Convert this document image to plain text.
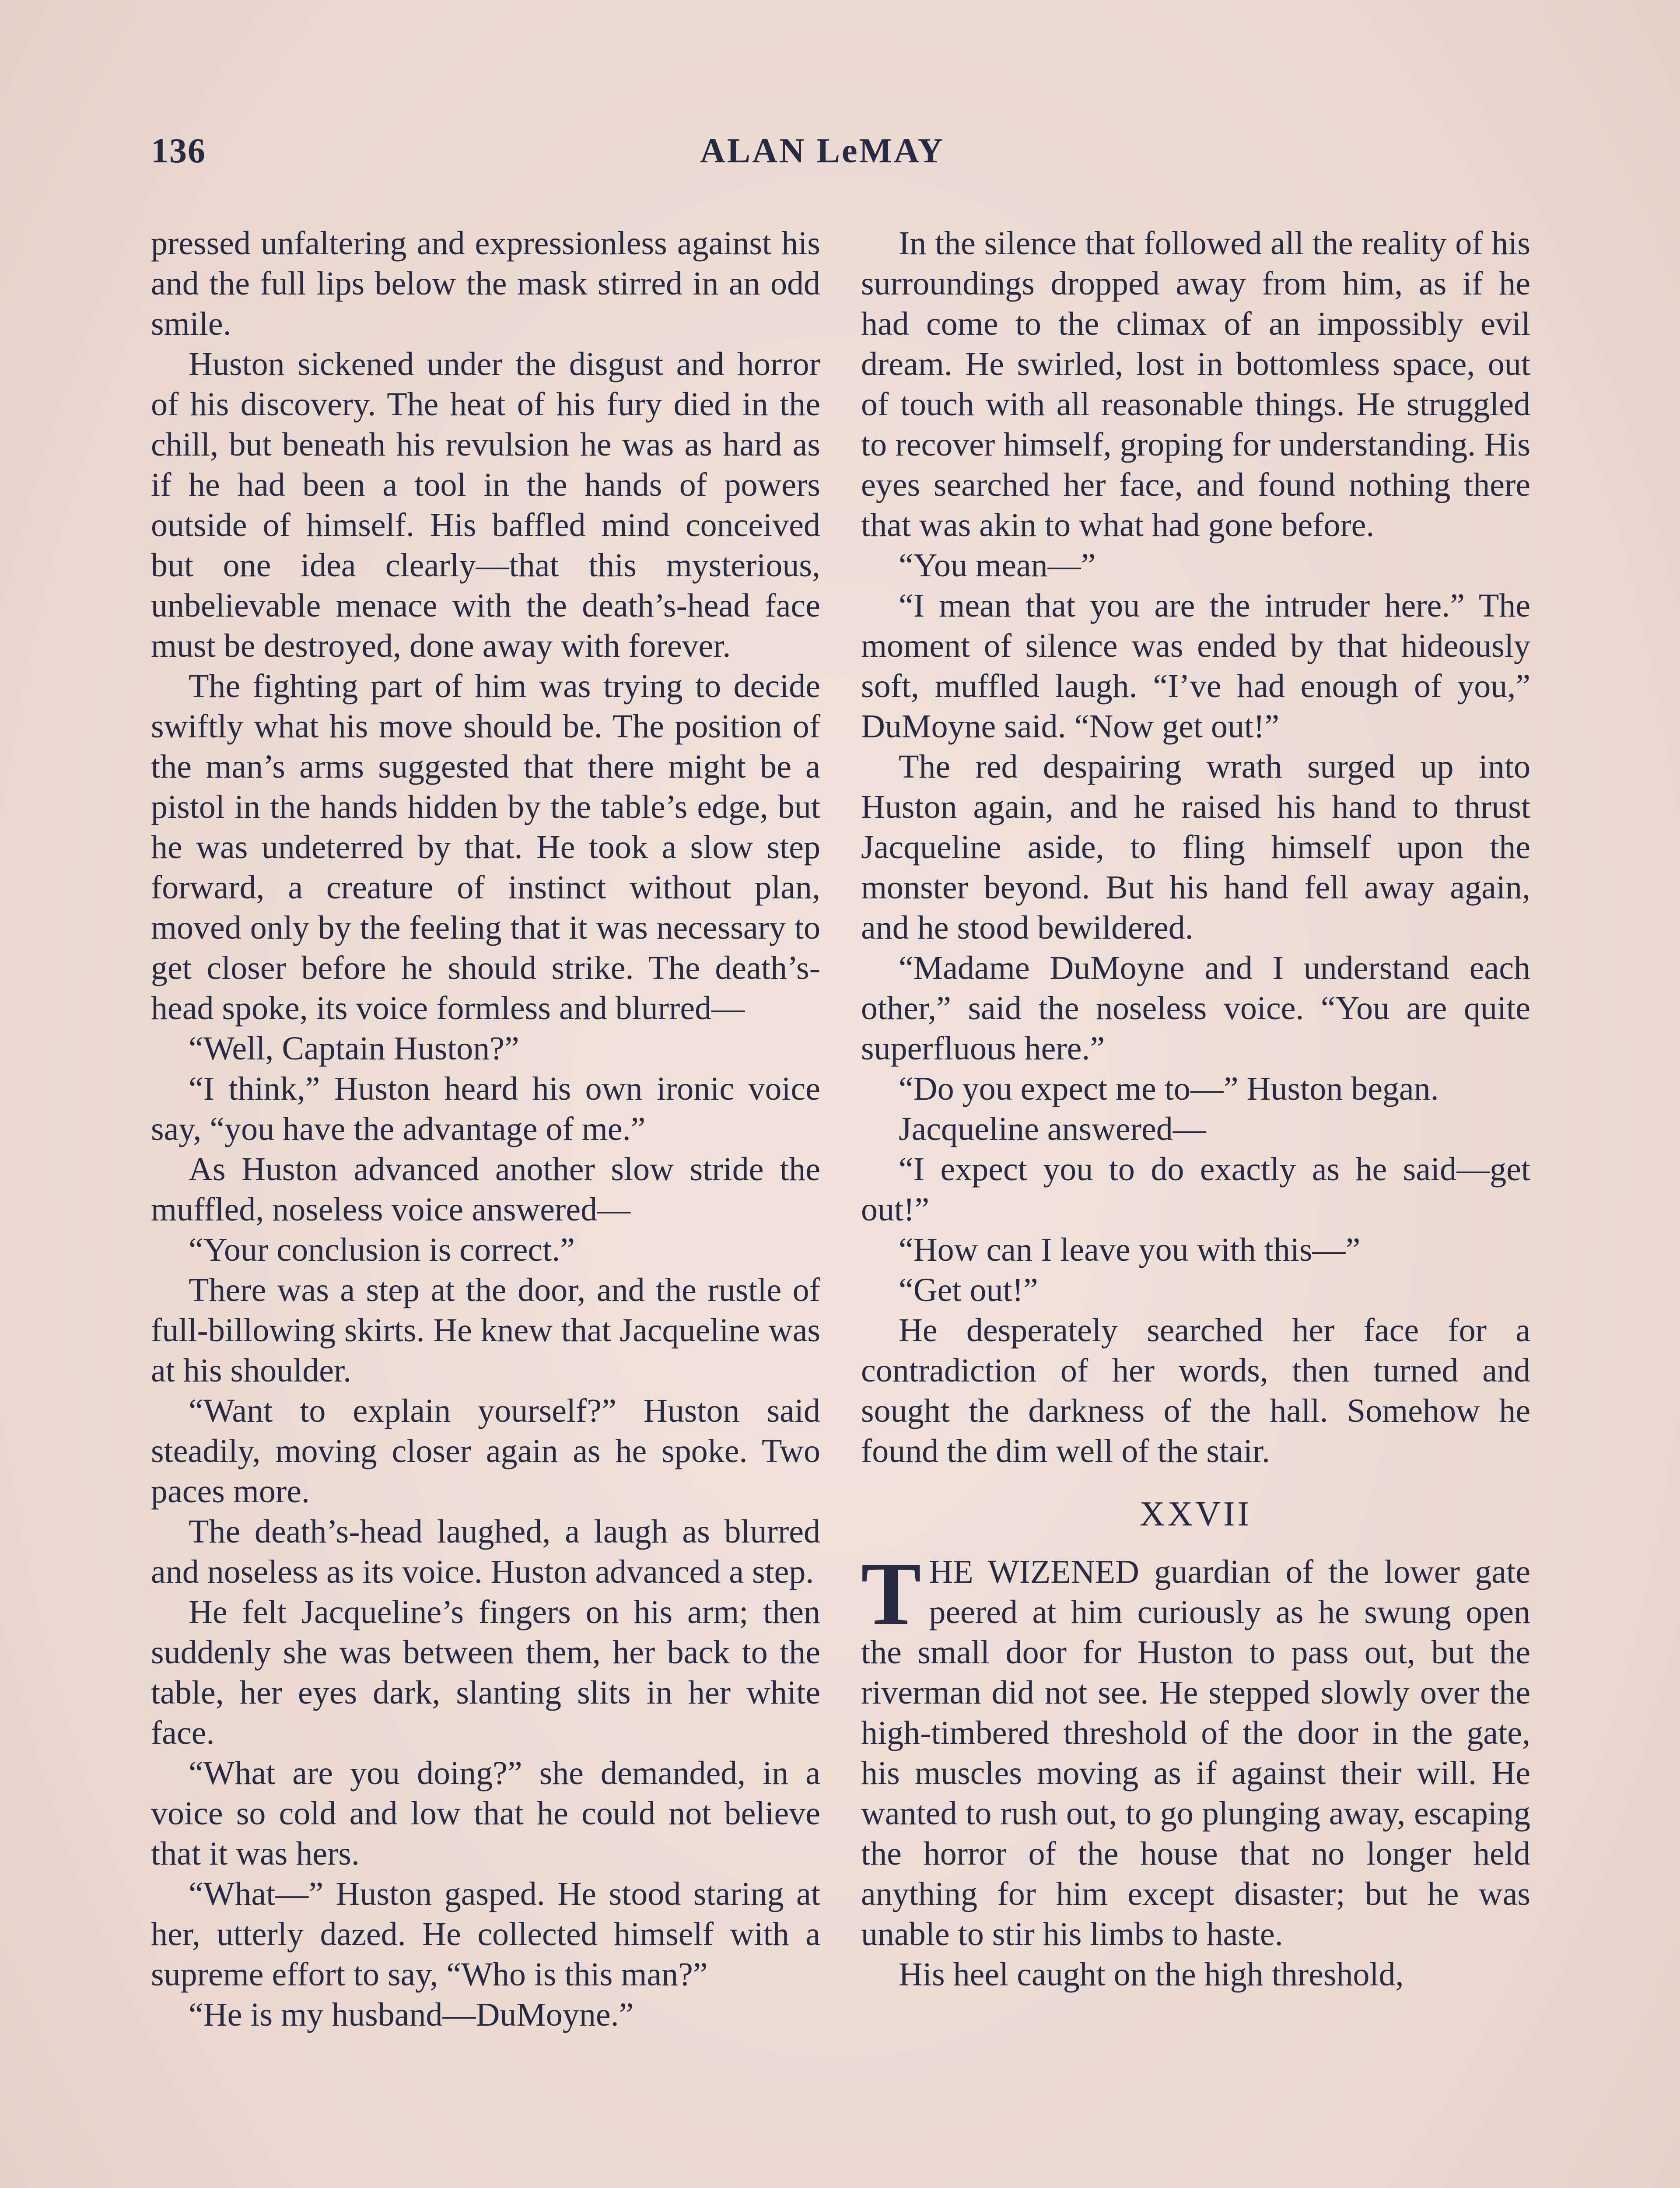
136	ALAN LeMAY

pressed unfaltering and expressionless against his and the full lips below the mask stirred in an odd smile.

Huston sickened under the disgust and horror of his discovery. The heat of his fury died in the chill, but beneath his revulsion he was as hard as if he had been a tool in the hands of powers outside of himself. His baffled mind conceived but one idea clearly—that this mysterious, unbelievable menace with the death’s-head face must be destroyed, done away with forever.

The fighting part of him was trying to decide swiftly what his move should be. The position of the man’s arms suggested that there might be a pistol in the hands hidden by the table’s edge, but he was undeterred by that. He took a slow step forward, a creature of instinct without plan, moved only by the feeling that it was necessary to get closer before he should strike. The death’s-head spoke, its voice formless and blurred—

“Well, Captain Huston?”

“I think,” Huston heard his own ironic voice say, “you have the advantage of me.”

As Huston advanced another slow stride the muffled, noseless voice answered—

“Your conclusion is correct.”

There was a step at the door, and the rustle of full-billowing skirts. He knew that Jacqueline was at his shoulder.

“Want to explain yourself?” Huston said steadily, moving closer again as he spoke. Two paces more.

The death’s-head laughed, a laugh as blurred and noseless as its voice. Huston advanced a step.

He felt Jacqueline’s fingers on his arm; then suddenly she was between them, her back to the table, her eyes dark, slanting slits in her white face.

“What are you doing?” she demanded, in a voice so cold and low that he could not believe that it was hers.

“What—” Huston gasped. He stood staring at her, utterly dazed. He collected himself with a supreme effort to say, “Who is this man?”

“He is my husband—DuMoyne.”

In the silence that followed all the reality of his surroundings dropped away from him, as if he had come to the climax of an impossibly evil dream. He swirled, lost in bottomless space, out of touch with all reasonable things. He struggled to recover himself, groping for understanding. His eyes searched her face, and found nothing there that was akin to what had gone before.

“You mean—”

“I mean that you are the intruder here.” The moment of silence was ended by that hideously soft, muffled laugh. “I’ve had enough of you,” DuMoyne said. “Now get out!”

The red despairing wrath surged up into Huston again, and he raised his hand to thrust Jacqueline aside, to fling himself upon the monster beyond. But his hand fell away again, and he stood bewildered.

“Madame DuMoyne and I understand each other,” said the noseless voice. “You are quite superfluous here.”

“Do you expect me to—” Huston began.

Jacqueline answered—

“I expect you to do exactly as he said—get out!”

“How can I leave you with this—”

“Get out!”

He desperately searched her face for a contradiction of her words, then turned and sought the darkness of the hall. Somehow he found the dim well of the stair.

XXVII

THE WIZENED guardian of the lower gate peered at him curiously as he swung open the small door for Huston to pass out, but the riverman did not see. He stepped slowly over the high-timbered threshold of the door in the gate, his muscles moving as if against their will. He wanted to rush out, to go plunging away, escaping the horror of the house that no longer held anything for him except disaster; but he was unable to stir his limbs to haste.

His heel caught on the high threshold,
